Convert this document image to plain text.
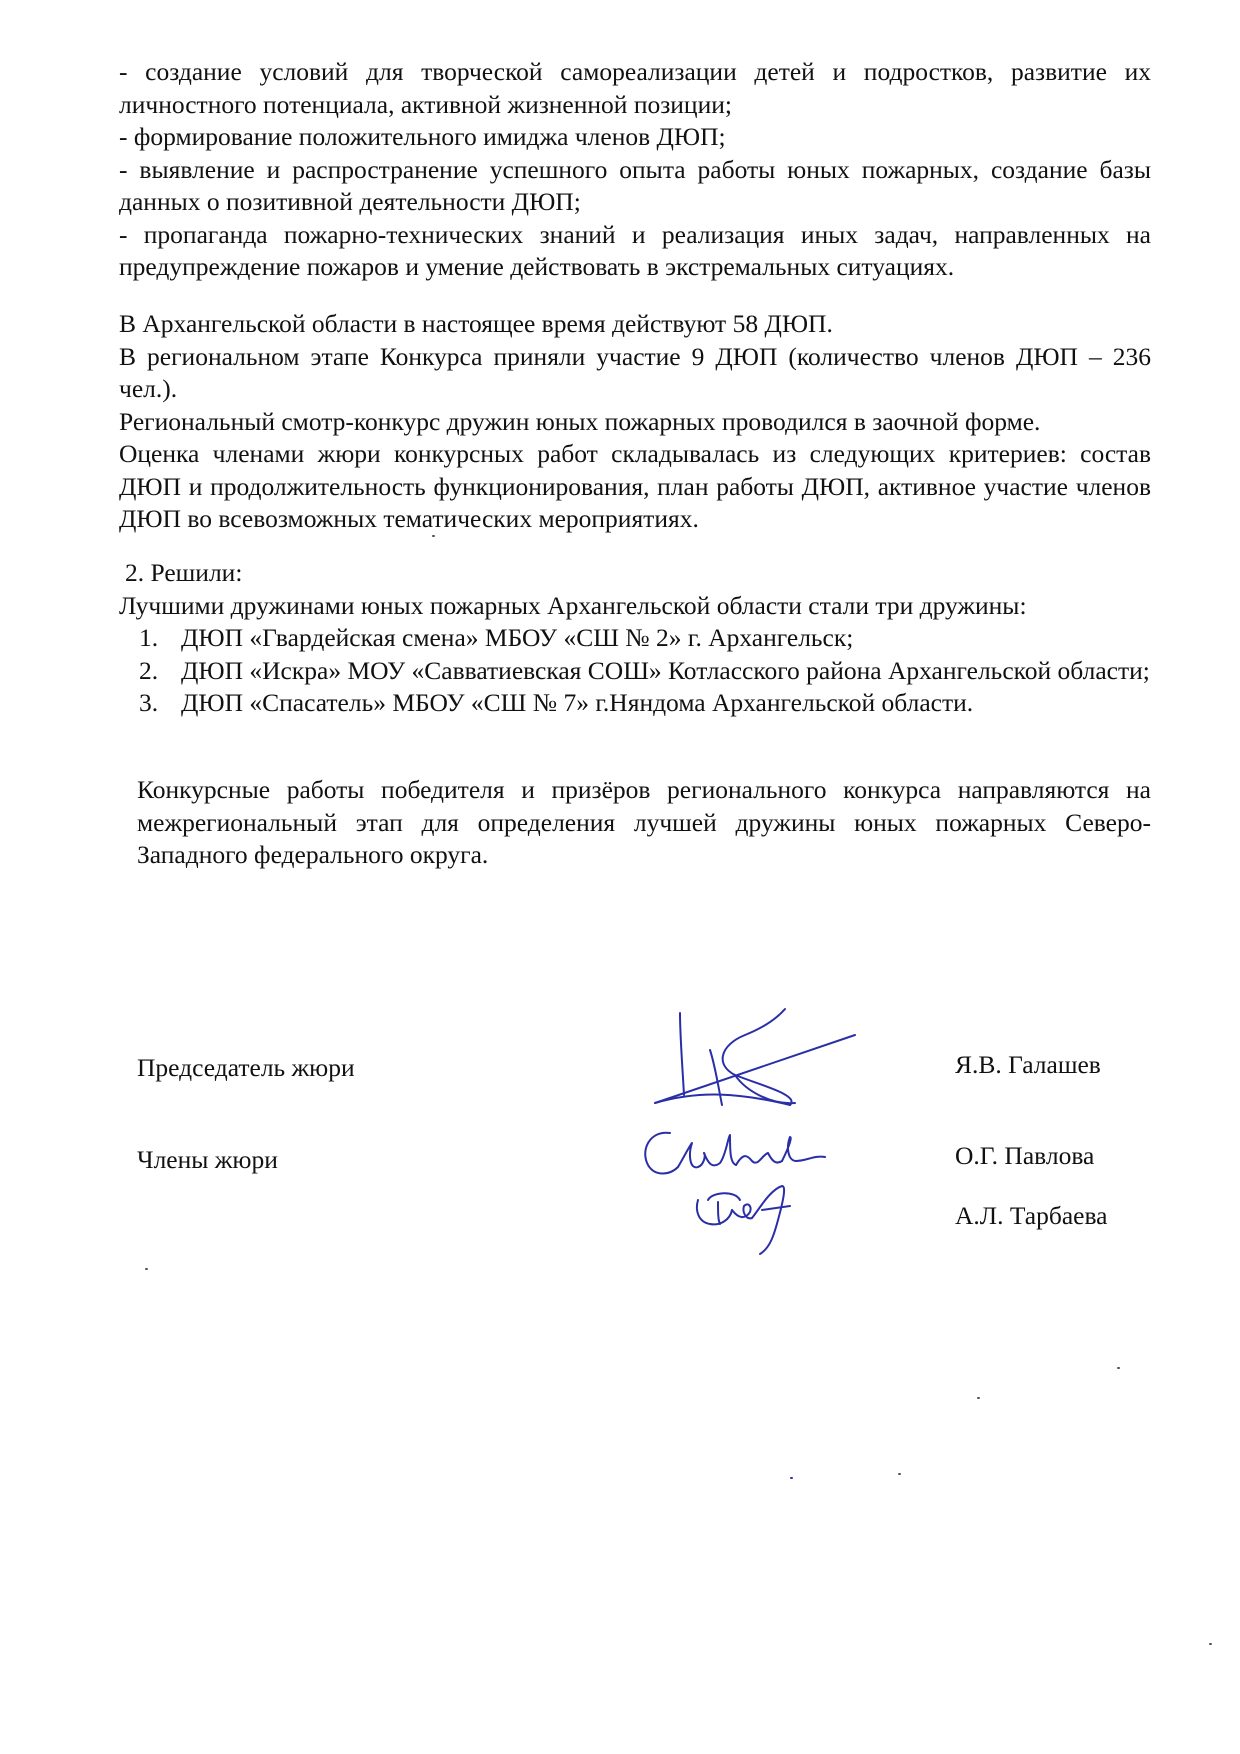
- создание условий для творческой самореализации детей и подростков, развитие их личностного потенциала, активной жизненной позиции;
- формирование положительного имиджа членов ДЮП;
- выявление и распространение успешного опыта работы юных пожарных, создание базы данных о позитивной деятельности ДЮП;
- пропаганда пожарно-технических знаний и реализация иных задач, направленных на предупреждение пожаров и умение действовать в экстремальных ситуациях.
В Архангельской области в настоящее время действуют 58 ДЮП.
В региональном этапе Конкурса приняли участие 9 ДЮП (количество членов ДЮП – 236 чел.).
Региональный смотр-конкурс дружин юных пожарных проводился в заочной форме.
Оценка членами жюри конкурсных работ складывалась из следующих критериев: состав ДЮП и продолжительность функционирования, план работы ДЮП, активное участие членов ДЮП во всевозможных тематических мероприятиях.
2. Решили:
Лучшими дружинами юных пожарных Архангельской области стали три дружины:
1. ДЮП «Гвардейская смена» МБОУ «СШ № 2» г. Архангельск;
2. ДЮП «Искра» МОУ «Савватиевская СОШ» Котласского района Архангельской области;
3. ДЮП «Спасатель» МБОУ «СШ № 7» г.Няндома Архангельской области.
Конкурсные работы победителя и призёров регионального конкурса направляются на межрегиональный этап для определения лучшей дружины юных пожарных Северо-Западного федерального округа.
Председатель жюри	Я.В. Галашев
Члены жюри	О.Г. Павлова
А.Л. Тарбаева
